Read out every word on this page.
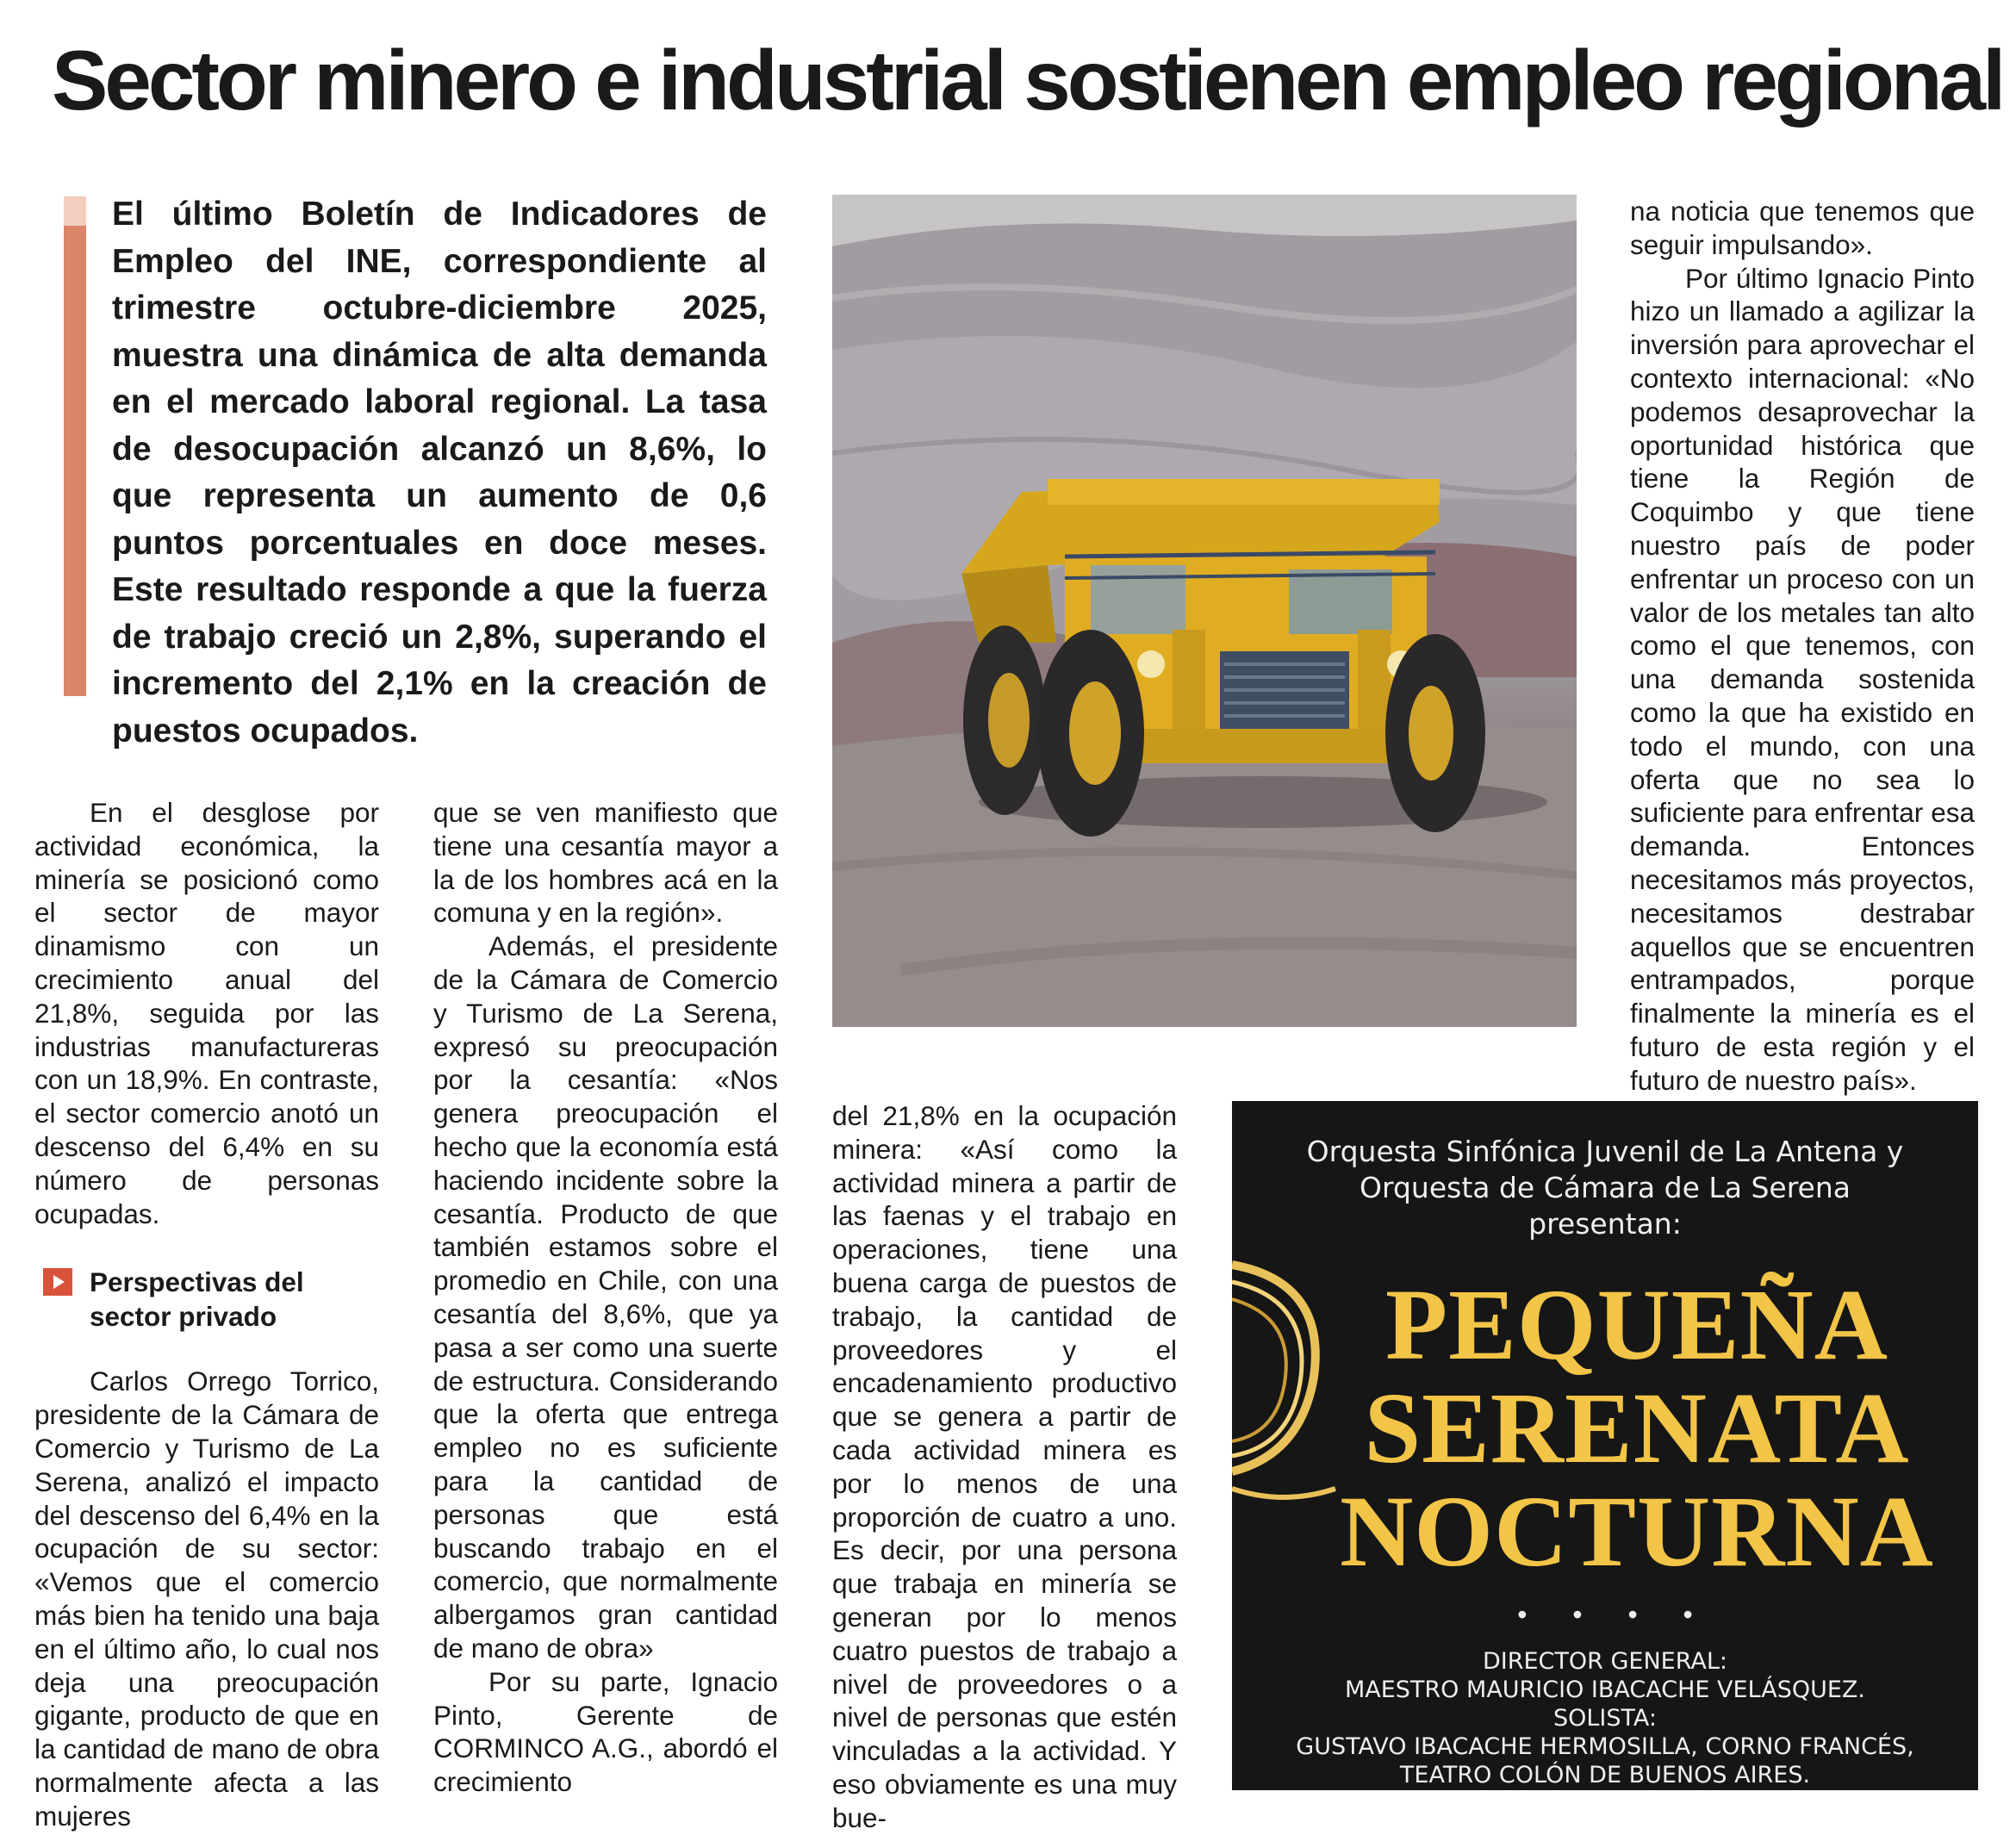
Sector minero e industrial sostienen empleo regional
El último Boletín de Indicadores de Empleo del INE, correspondiente al trimestre octubre-diciembre 2025, muestra una dinámica de alta demanda en el mercado laboral regional. La tasa de desocupación alcanzó un 8,6%, lo que representa un aumento de 0,6 puntos porcentuales en doce meses. Este resultado responde a que la fuerza de trabajo creció un 2,8%, superando el incremento del 2,1% en la creación de puestos ocupados.

En el desglose por actividad económica, la minería se posicionó como el sector de mayor dinamismo con un crecimiento anual del 21,8%, seguida por las industrias manufactureras con un 18,9%. En contraste, el sector comercio anotó un descenso del 6,4% en su número de personas ocupadas.

Perspectivas del sector privado

Carlos Orrego Torrico, presidente de la Cámara de Comercio y Turismo de La Serena, analizó el impacto del descenso del 6,4% en la ocupación de su sector: «Vemos que el comercio más bien ha tenido una baja en el último año, lo cual nos deja una preocupación gigante, producto de que en la cantidad de mano de obra normalmente afecta a las mujeres

que se ven manifiesto que tiene una cesantía mayor a la de los hombres acá en la comuna y en la región».

Además, el presidente de la Cámara de Comercio y Turismo de La Serena, expresó su preocupación por la cesantía: «Nos genera preocupación el hecho que la economía está haciendo incidente sobre la cesantía. Producto de que también estamos sobre el promedio en Chile, con una cesantía del 8,6%, que ya pasa a ser como una suerte de estructura. Considerando que la oferta que entrega empleo no es suficiente para la cantidad de personas que está buscando trabajo en el comercio, que normalmente albergamos gran cantidad de mano de obra»

Por su parte, Ignacio Pinto, Gerente de CORMINCO A.G., abordó el crecimiento

del 21,8% en la ocupación minera: «Así como la actividad minera a partir de las faenas y el trabajo en operaciones, tiene una buena carga de puestos de trabajo, la cantidad de proveedores y el encadenamiento productivo que se genera a partir de cada actividad minera es por lo menos de una proporción de cuatro a uno. Es decir, por una persona que trabaja en minería se generan por lo menos cuatro puestos de trabajo a nivel de proveedores o a nivel de personas que estén vinculadas a la actividad. Y eso obviamente es una muy bue-

na noticia que tenemos que seguir impulsando».

Por último Ignacio Pinto hizo un llamado a agilizar la inversión para aprovechar el contexto internacional: «No podemos desaprovechar la oportunidad histórica que tiene la Región de Coquimbo y que tiene nuestro país de poder enfrentar un proceso con un valor de los metales tan alto como el que tenemos, con una demanda sostenida como la que ha existido en todo el mundo, con una oferta que no sea lo suficiente para enfrentar esa demanda. Entonces necesitamos más proyectos, necesitamos destrabar aquellos que se encuentren entrampados, porque finalmente la minería es el futuro de esta región y el futuro de nuestro país».

Orquesta Sinfónica Juvenil de La Antena y
Orquesta de Cámara de La Serena
presentan:
PEQUEÑA
SERENATA
NOCTURNA
• • • •
DIRECTOR GENERAL:
MAESTRO MAURICIO IBACACHE VELÁSQUEZ.
SOLISTA:
GUSTAVO IBACACHE HERMOSILLA, CORNO FRANCÉS,
TEATRO COLÓN DE BUENOS AIRES.
